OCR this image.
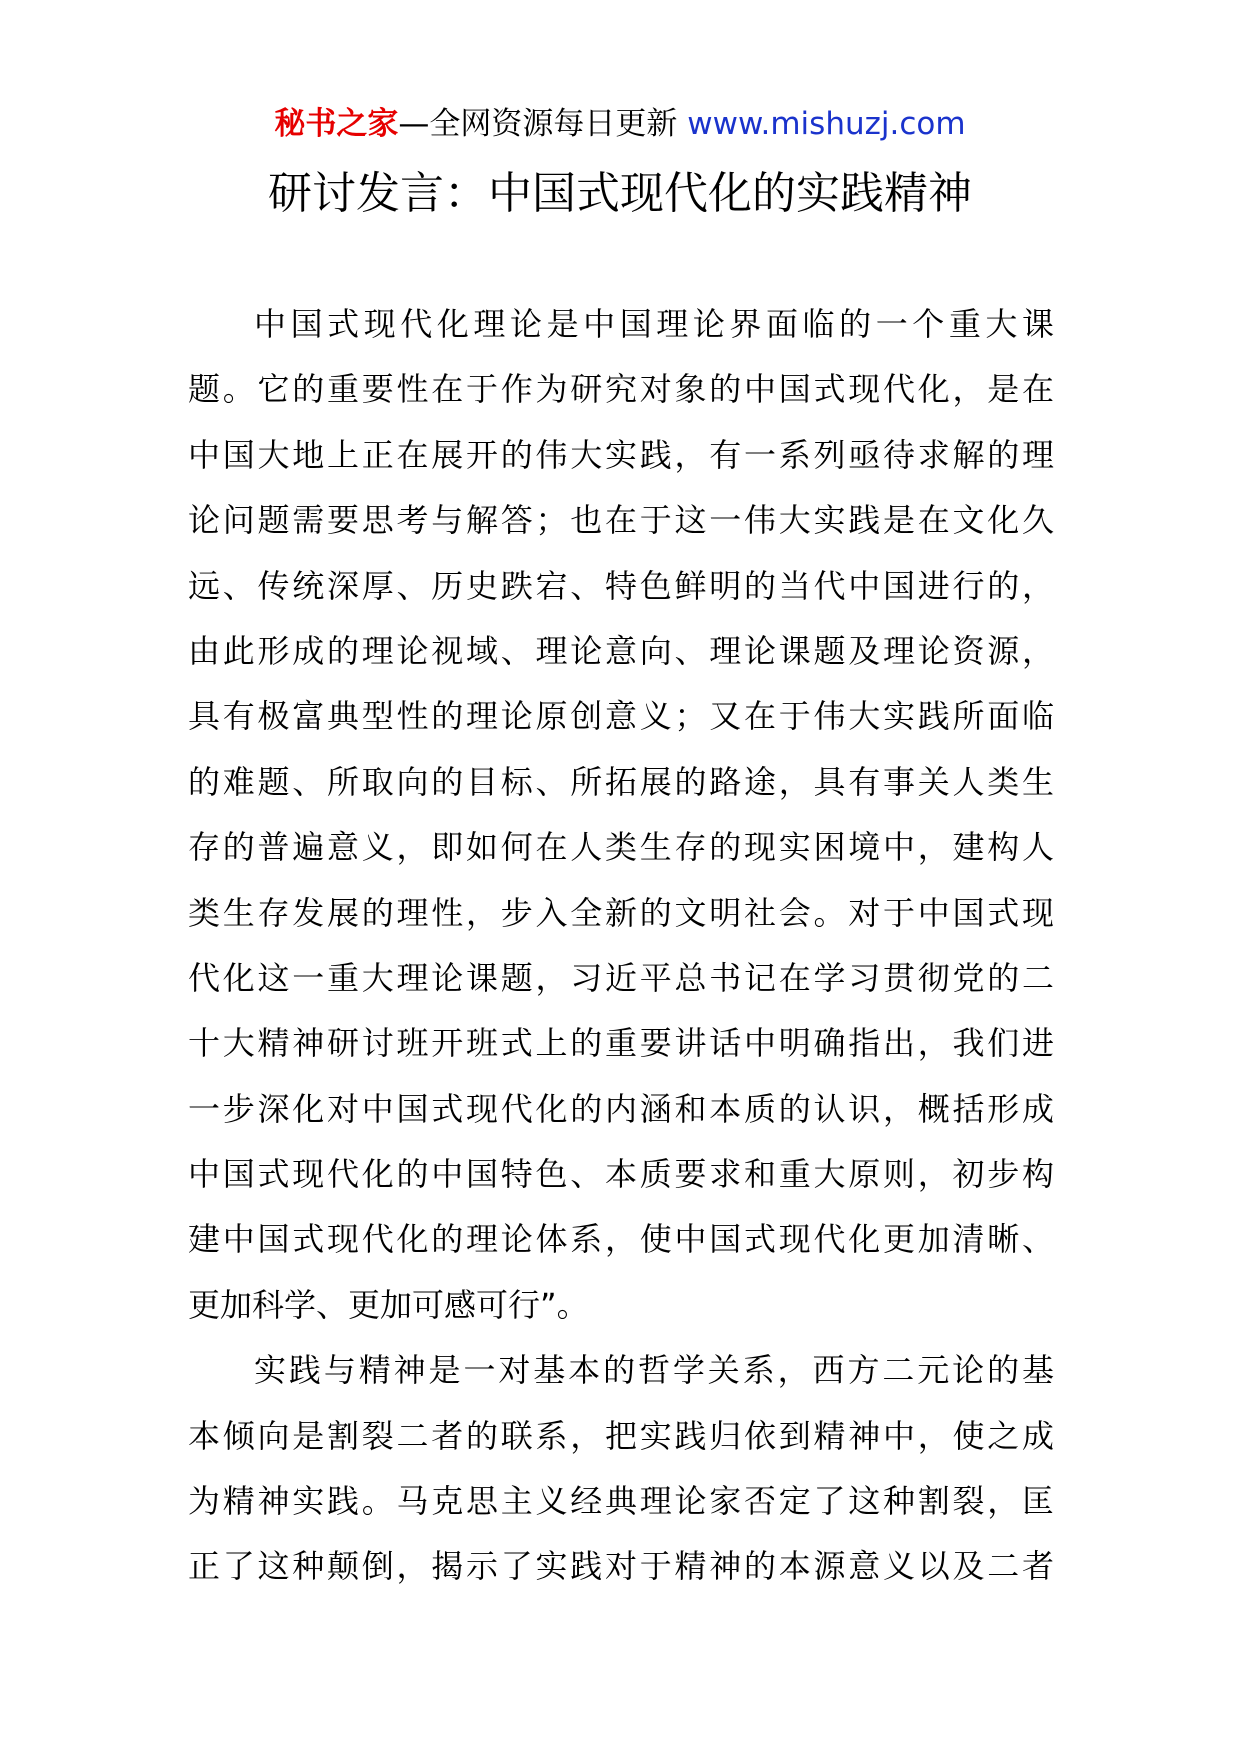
秘书之家—全网资源每日更新 www.mishuzj.com
研讨发言：中国式现代化的实践精神
中国式现代化理论是中国理论界面临的一个重大课
题。它的重要性在于作为研究对象的中国式现代化，是在
中国大地上正在展开的伟大实践，有一系列亟待求解的理
论问题需要思考与解答；也在于这一伟大实践是在文化久
远、传统深厚、历史跌宕、特色鲜明的当代中国进行的，
由此形成的理论视域、理论意向、理论课题及理论资源，
具有极富典型性的理论原创意义；又在于伟大实践所面临
的难题、所取向的目标、所拓展的路途，具有事关人类生
存的普遍意义，即如何在人类生存的现实困境中，建构人
类生存发展的理性，步入全新的文明社会。对于中国式现
代化这一重大理论课题，习近平总书记在学习贯彻党的二
十大精神研讨班开班式上的重要讲话中明确指出，我们进
一步深化对中国式现代化的内涵和本质的认识，概括形成
中国式现代化的中国特色、本质要求和重大原则，初步构
建中国式现代化的理论体系，使中国式现代化更加清晰、
更加科学、更加可感可行”。
实践与精神是一对基本的哲学关系，西方二元论的基
本倾向是割裂二者的联系，把实践归依到精神中，使之成
为精神实践。马克思主义经典理论家否定了这种割裂，匡
正了这种颠倒，揭示了实践对于精神的本源意义以及二者
